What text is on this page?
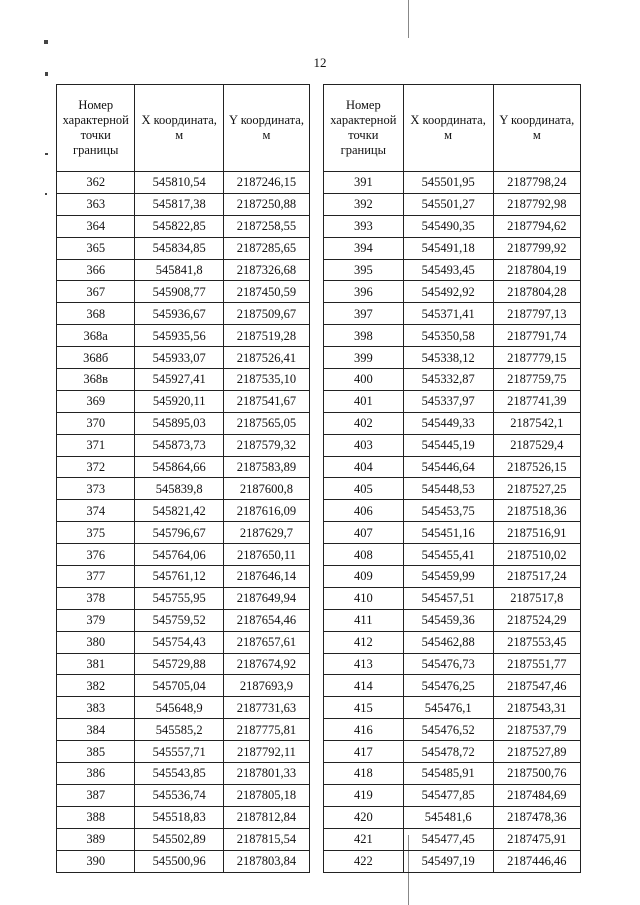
12
Номер характерной точки границы	X координата, м	Y координата, м
362	545810,54	2187246,15
363	545817,38	2187250,88
364	545822,85	2187258,55
365	545834,85	2187285,65
366	545841,8	2187326,68
367	545908,77	2187450,59
368	545936,67	2187509,67
368а	545935,56	2187519,28
368б	545933,07	2187526,41
368в	545927,41	2187535,10
369	545920,11	2187541,67
370	545895,03	2187565,05
371	545873,73	2187579,32
372	545864,66	2187583,89
373	545839,8	2187600,8
374	545821,42	2187616,09
375	545796,67	2187629,7
376	545764,06	2187650,11
377	545761,12	2187646,14
378	545755,95	2187649,94
379	545759,52	2187654,46
380	545754,43	2187657,61
381	545729,88	2187674,92
382	545705,04	2187693,9
383	545648,9	2187731,63
384	545585,2	2187775,81
385	545557,71	2187792,11
386	545543,85	2187801,33
387	545536,74	2187805,18
388	545518,83	2187812,84
389	545502,89	2187815,54
390	545500,96	2187803,84
Номер характерной точки границы	X координата, м	Y координата, м
391	545501,95	2187798,24
392	545501,27	2187792,98
393	545490,35	2187794,62
394	545491,18	2187799,92
395	545493,45	2187804,19
396	545492,92	2187804,28
397	545371,41	2187797,13
398	545350,58	2187791,74
399	545338,12	2187779,15
400	545332,87	2187759,75
401	545337,97	2187741,39
402	545449,33	2187542,1
403	545445,19	2187529,4
404	545446,64	2187526,15
405	545448,53	2187527,25
406	545453,75	2187518,36
407	545451,16	2187516,91
408	545455,41	2187510,02
409	545459,99	2187517,24
410	545457,51	2187517,8
411	545459,36	2187524,29
412	545462,88	2187553,45
413	545476,73	2187551,77
414	545476,25	2187547,46
415	545476,1	2187543,31
416	545476,52	2187537,79
417	545478,72	2187527,89
418	545485,91	2187500,76
419	545477,85	2187484,69
420	545481,6	2187478,36
421	545477,45	2187475,91
422	545497,19	2187446,46
